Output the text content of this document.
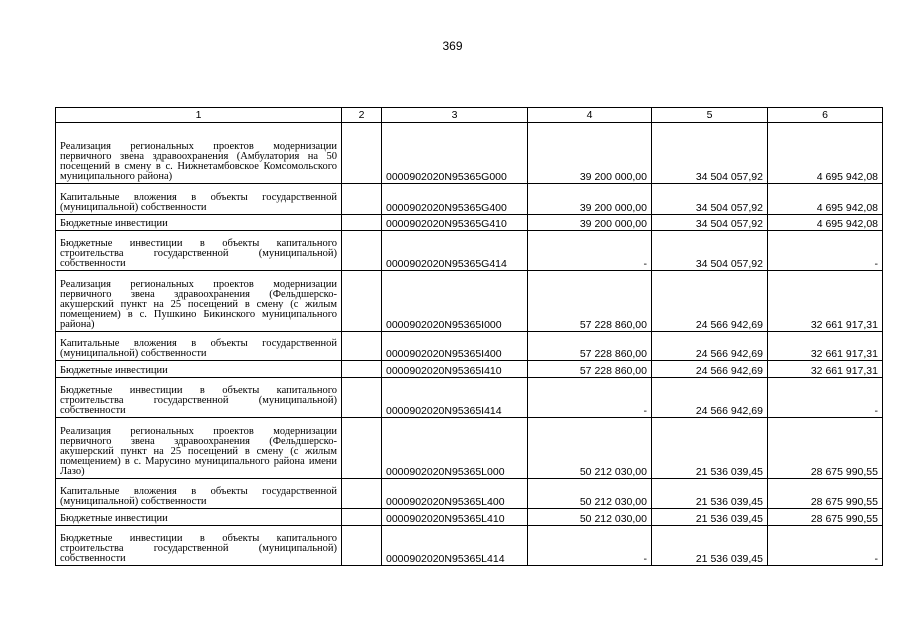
369
1	2	3	4	5	6
Реализация региональных проектов модернизации первичного звена здравоохранения (Амбулатория на 50 посещений в смену в с. Нижнетамбовское Комсомольского муниципального района)		0000902020N95365G000	39 200 000,00	34 504 057,92	4 695 942,08
Капитальные вложения в объекты государственной (муниципальной) собственности		0000902020N95365G400	39 200 000,00	34 504 057,92	4 695 942,08
Бюджетные инвестиции		0000902020N95365G410	39 200 000,00	34 504 057,92	4 695 942,08
Бюджетные инвестиции в объекты капитального строительства государственной (муниципальной) собственности		0000902020N95365G414	-	34 504 057,92	-
Реализация региональных проектов модернизации первичного звена здравоохранения (Фельдшерско-акушерский пункт на 25 посещений в смену (с жилым помещением) в с. Пушкино Бикинского муниципального района)		0000902020N95365I000	57 228 860,00	24 566 942,69	32 661 917,31
Капитальные вложения в объекты государственной (муниципальной) собственности		0000902020N95365I400	57 228 860,00	24 566 942,69	32 661 917,31
Бюджетные инвестиции		0000902020N95365I410	57 228 860,00	24 566 942,69	32 661 917,31
Бюджетные инвестиции в объекты капитального строительства государственной (муниципальной) собственности		0000902020N95365I414	-	24 566 942,69	-
Реализация региональных проектов модернизации первичного звена здравоохранения (Фельдшерско-акушерский пункт на 25 посещений в смену (с жилым помещением) в с. Марусино муниципального района имени Лазо)		0000902020N95365L000	50 212 030,00	21 536 039,45	28 675 990,55
Капитальные вложения в объекты государственной (муниципальной) собственности		0000902020N95365L400	50 212 030,00	21 536 039,45	28 675 990,55
Бюджетные инвестиции		0000902020N95365L410	50 212 030,00	21 536 039,45	28 675 990,55
Бюджетные инвестиции в объекты капитального строительства государственной (муниципальной) собственности		0000902020N95365L414	-	21 536 039,45	-
